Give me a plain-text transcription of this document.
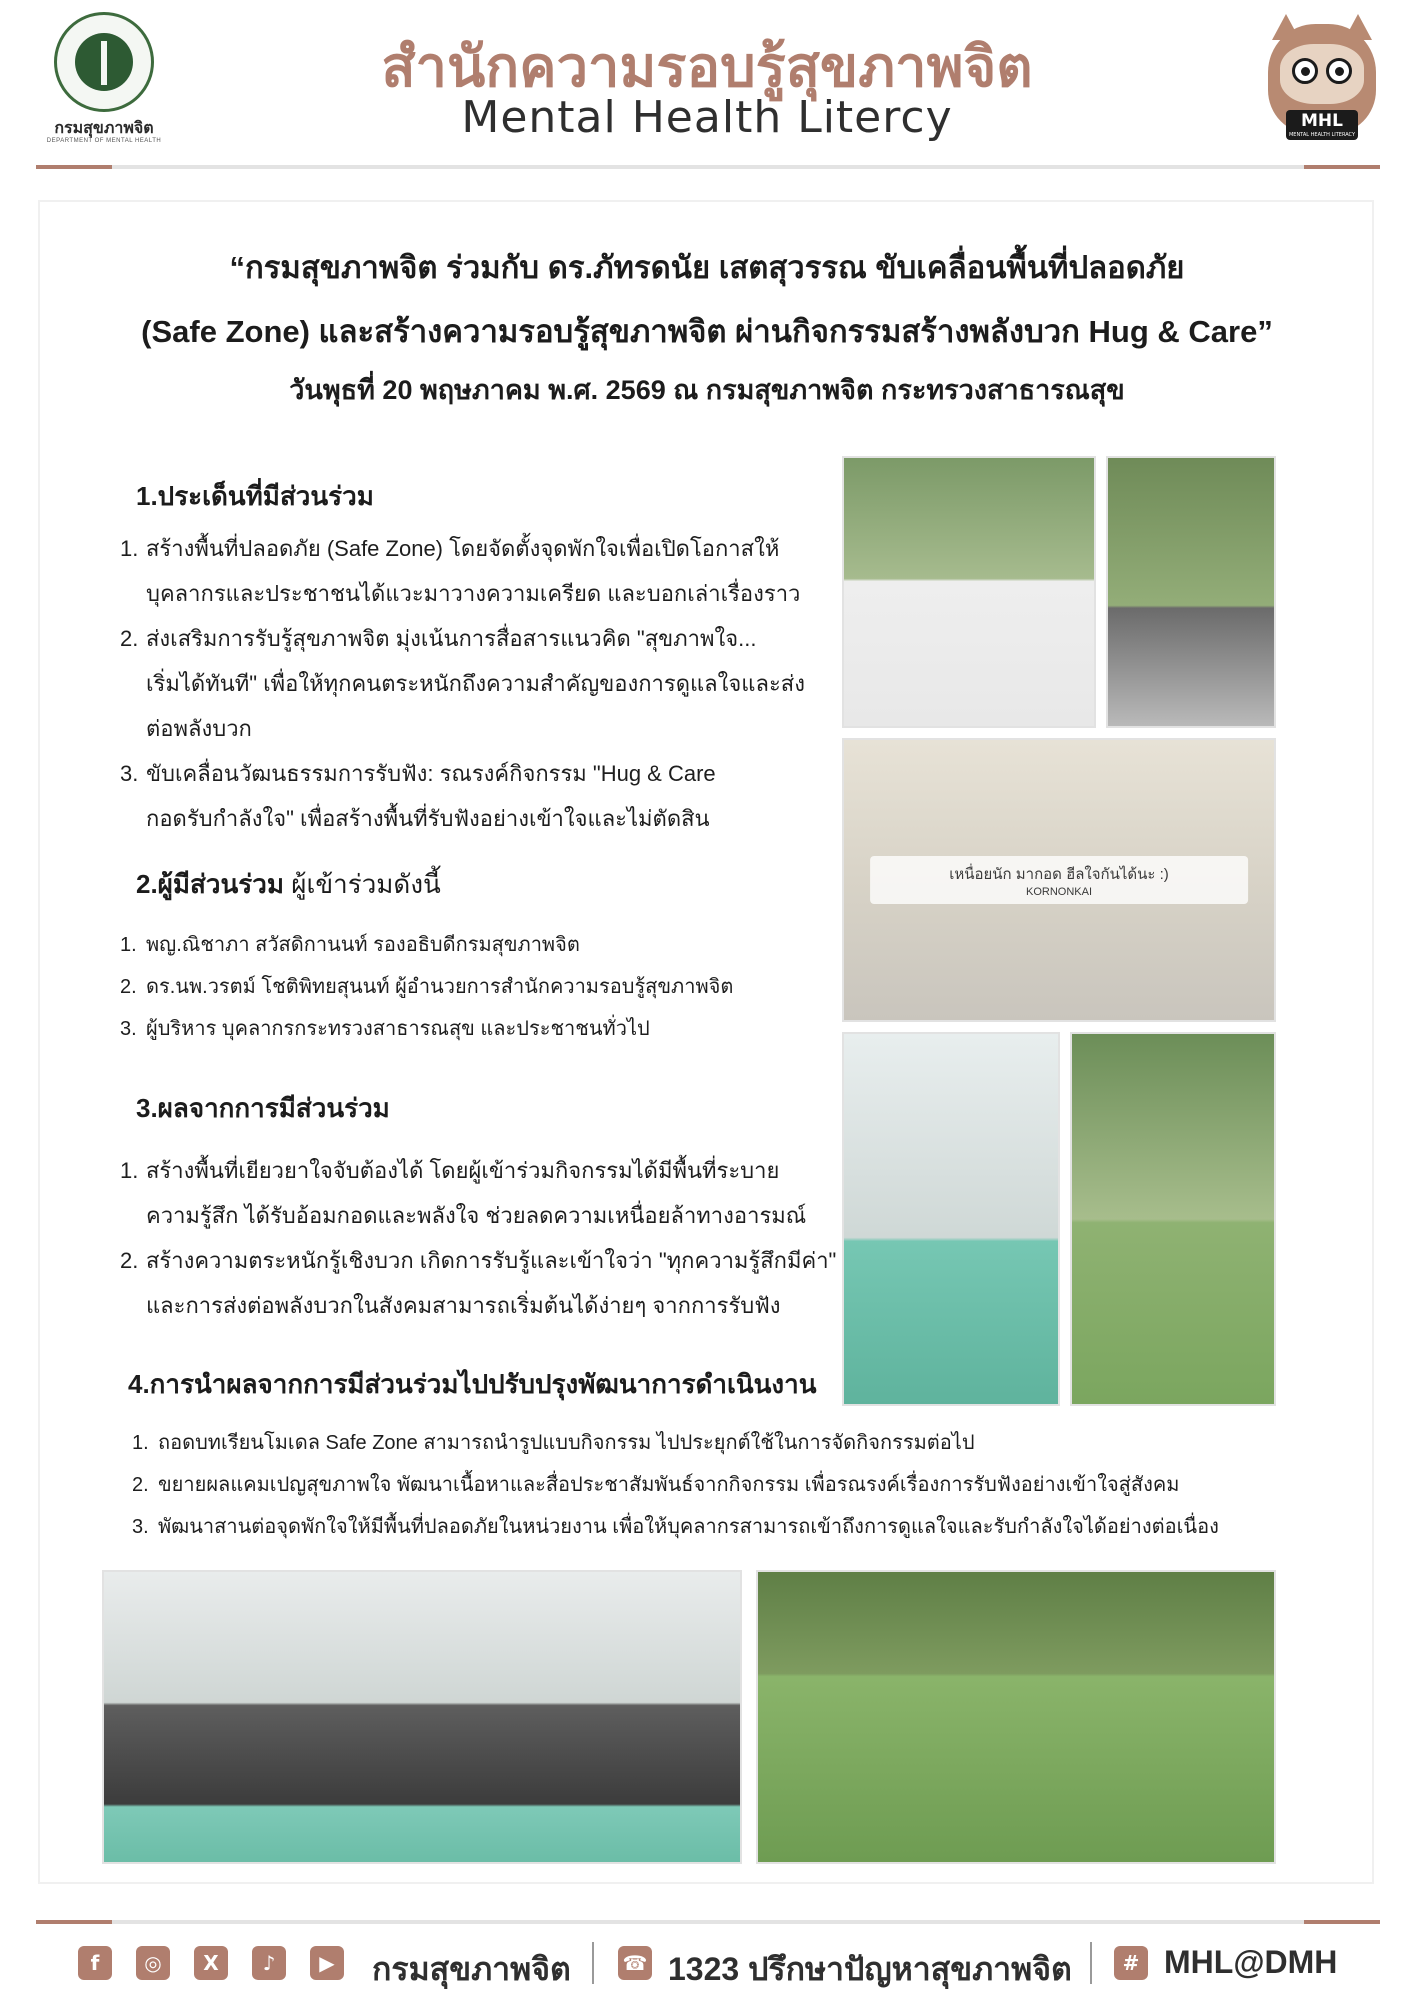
กรมสุขภาพจิต
DEPARTMENT OF MENTAL HEALTH
สำนักความรอบรู้สุขภาพจิต
Mental Health Litercy	MHL
MENTAL HEALTH LITERACY
“กรมสุขภาพจิต ร่วมกับ ดร.ภัทรดนัย เสตสุวรรณ ขับเคลื่อนพื้นที่ปลอดภัย
(Safe Zone) และสร้างความรอบรู้สุขภาพจิต ผ่านกิจกรรมสร้างพลังบวก Hug & Care”
วันพุธที่ 20 พฤษภาคม พ.ศ. 2569 ณ กรมสุขภาพจิต กระทรวงสาธารณสุข
1.ประเด็นที่มีส่วนร่วม
1. สร้างพื้นที่ปลอดภัย (Safe Zone) โดยจัดตั้งจุดพักใจเพื่อเปิดโอกาสให้
บุคลากรและประชาชนได้แวะมาวางความเครียด และบอกเล่าเรื่องราว
2. ส่งเสริมการรับรู้สุขภาพจิต มุ่งเน้นการสื่อสารแนวคิด "สุขภาพใจ...
เริ่มได้ทันที" เพื่อให้ทุกคนตระหนักถึงความสำคัญของการดูแลใจและส่ง
ต่อพลังบวก
3. ขับเคลื่อนวัฒนธรรมการรับฟัง: รณรงค์กิจกรรม "Hug & Care
กอดรับกำลังใจ" เพื่อสร้างพื้นที่รับฟังอย่างเข้าใจและไม่ตัดสิน
2.ผู้มีส่วนร่วม ผู้เข้าร่วมดังนี้
1. พญ.ณิชาภา สวัสดิกานนท์ รองอธิบดีกรมสุขภาพจิต
2. ดร.นพ.วรตม์ โชติพิทยสุนนท์ ผู้อำนวยการสำนักความรอบรู้สุขภาพจิต
3. ผู้บริหาร บุคลากรกระทรวงสาธารณสุข และประชาชนทั่วไป
3.ผลจากการมีส่วนร่วม
1. สร้างพื้นที่เยียวยาใจจับต้องได้ โดยผู้เข้าร่วมกิจกรรมได้มีพื้นที่ระบาย
ความรู้สึก ได้รับอ้อมกอดและพลังใจ ช่วยลดความเหนื่อยล้าทางอารมณ์
2. สร้างความตระหนักรู้เชิงบวก เกิดการรับรู้และเข้าใจว่า "ทุกความรู้สึกมีค่า"
และการส่งต่อพลังบวกในสังคมสามารถเริ่มต้นได้ง่ายๆ จากการรับฟัง
4.การนำผลจากการมีส่วนร่วมไปปรับปรุงพัฒนาการดำเนินงาน
1. ถอดบทเรียนโมเดล Safe Zone สามารถนำรูปแบบกิจกรรม ไปประยุกต์ใช้ในการจัดกิจกรรมต่อไป
2. ขยายผลแคมเปญสุขภาพใจ พัฒนาเนื้อหาและสื่อประชาสัมพันธ์จากกิจกรรม เพื่อรณรงค์เรื่องการรับฟังอย่างเข้าใจสู่สังคม
3. พัฒนาสานต่อจุดพักใจให้มีพื้นที่ปลอดภัยในหน่วยงาน เพื่อให้บุคลากรสามารถเข้าถึงการดูแลใจและรับกำลังใจได้อย่างต่อเนื่อง
เหนื่อยนัก มากอด ฮีลใจกันได้นะ :)
KORNONKAI
f	◎	X	♪	▶ กรมสุขภาพจิต	☎ 1323 ปรึกษาปัญหาสุขภาพจิต	# MHL@DMH
